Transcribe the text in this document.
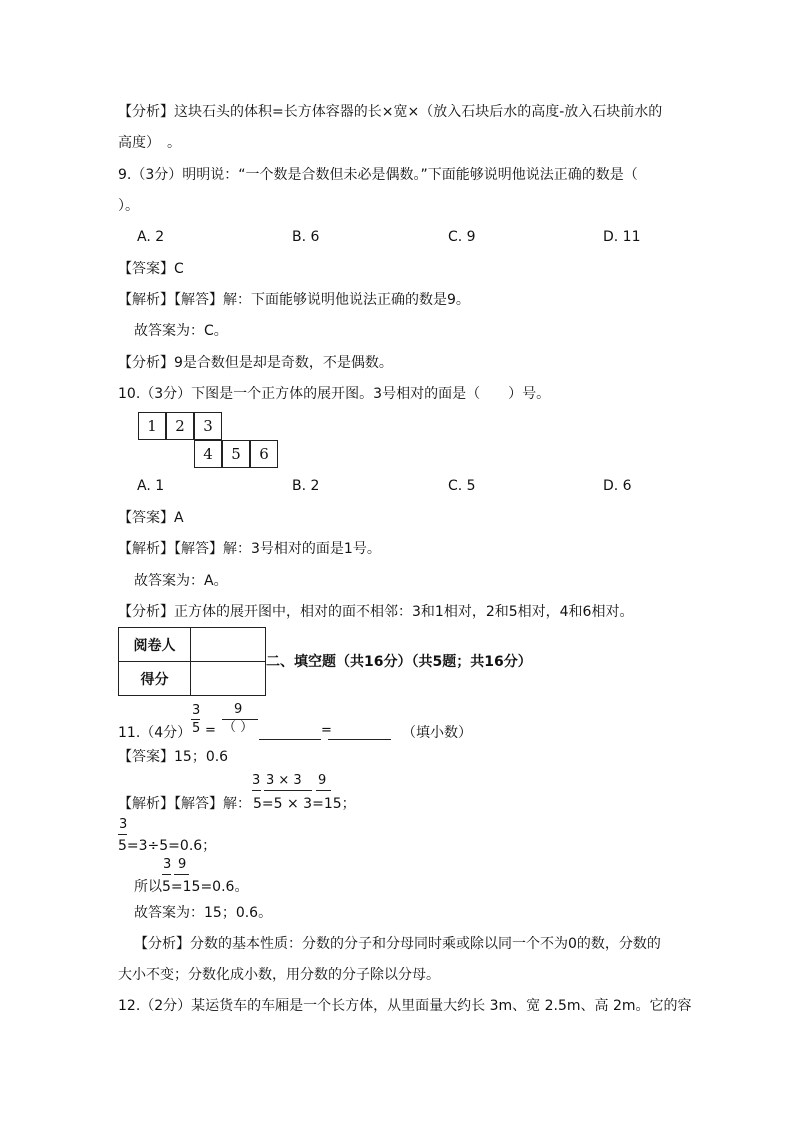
【分析】这块石头的体积=长方体容器的长×宽×（放入石块后水的高度-放入石块前水的
高度）　。
9.（3分）明明说：“一个数是合数但未必是偶数。”下面能够说明他说法正确的数是（
）。
A. 2	B. 6	C. 9	D. 11
【答案】C
【解析】【解答】解：下面能够说明他说法正确的数是9。
故答案为：C。
【分析】9是合数但是却是奇数，不是偶数。
10.（3分）下图是一个正方体的展开图。3号相对的面是（　　）号。
1	2	3
4	5	6
A. 1	B. 2	C. 5	D. 6
【答案】A
【解析】【解答】解：3号相对的面是1号。
故答案为：A。
【分析】正方体的展开图中，相对的面不相邻：3和1相对，2和5相对，4和6相对。
阅卷人	
得分	
二、填空题（共16分）（共5题；共16分）
11.（4分）
3
5 =
9
（ ）	=	（填小数）
【答案】15；0.6
3 3 × 3 9
【解析】【解答】解： 5=5 × 3=15；
3
5=3÷5=0.6；
3 9
所以5=15=0.6。
故答案为：15；0.6。
【分析】分数的基本性质：分数的分子和分母同时乘或除以同一个不为0的数，分数的
大小不变；分数化成小数，用分数的分子除以分母。
12.（2分）某运货车的车厢是一个长方体，从里面量大约长 3m、宽 2.5m、高 2m。它的容
